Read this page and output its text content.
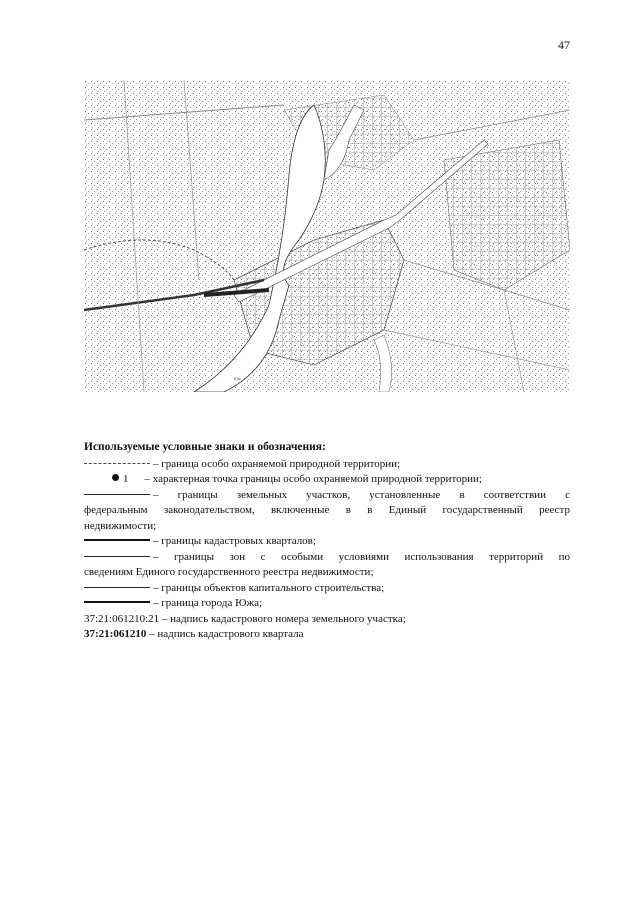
47
Юж
Используемые условные знаки и обозначения:
– граница особо охраняемой природной территории;
1 – характерная точка границы особо охраняемой природной территории;
– границы земельных участков, установленные в соответствии с
федеральным законодательством, включенные в в Единый государственный реестр
недвижимости;
– границы кадастровых кварталов;
– границы зон с особыми условиями использования территорий по
сведениям Единого государственного реестра недвижимости;
– границы объектов капитального строительства;
– граница города Южа;
37:21:061210:21 – надпись кадастрового номера земельного участка;
37:21:061210 – надпись кадастрового квартала
